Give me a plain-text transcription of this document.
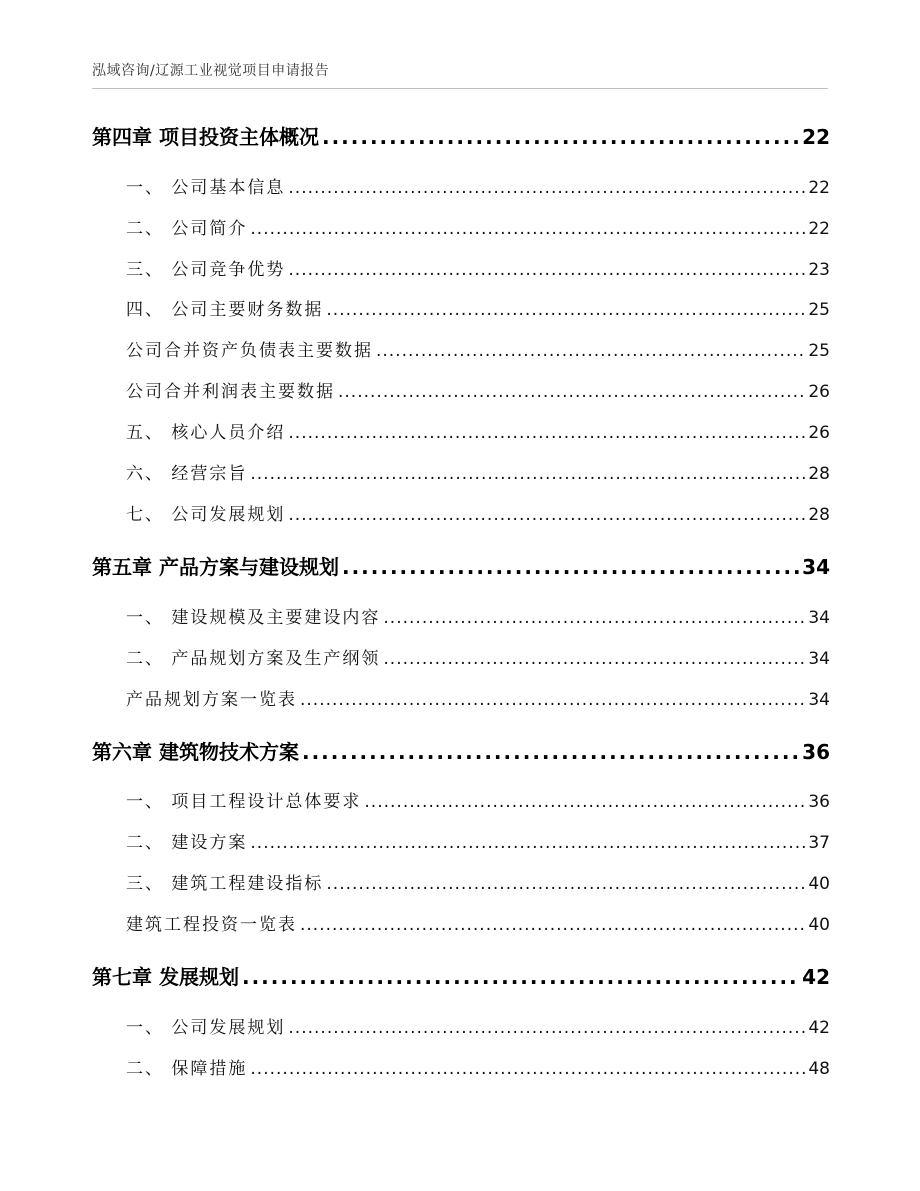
泓域咨询/辽源工业视觉项目申请报告
第四章 项目投资主体概况 .....	22
一、 公司基本信息 .....	22
二、 公司简介 .....	22
三、 公司竞争优势 .....	23
四、 公司主要财务数据 .....	25
公司合并资产负债表主要数据 .....	25
公司合并利润表主要数据 .....	26
五、 核心人员介绍 .....	26
六、 经营宗旨 .....	28
七、 公司发展规划 .....	28
第五章 产品方案与建设规划 .....	34
一、 建设规模及主要建设内容 .....	34
二、 产品规划方案及生产纲领 .....	34
产品规划方案一览表 .....	34
第六章 建筑物技术方案 .....	36
一、 项目工程设计总体要求 .....	36
二、 建设方案 .....	37
三、 建筑工程建设指标 .....	40
建筑工程投资一览表 .....	40
第七章 发展规划 .....	42
一、 公司发展规划 .....	42
二、 保障措施 .....	48
